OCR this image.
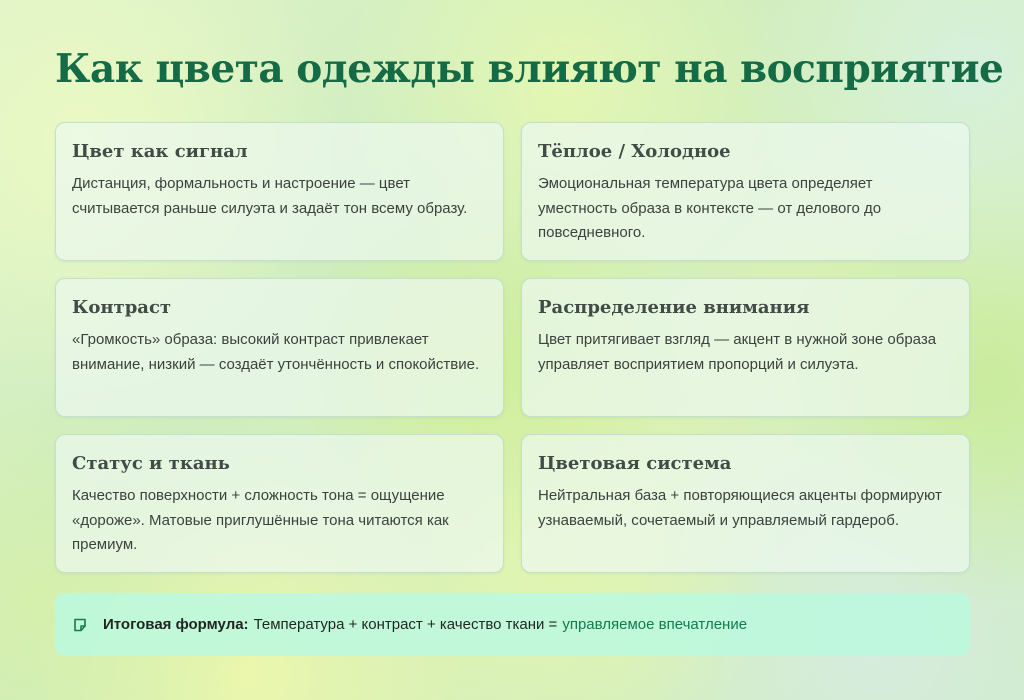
Как цвета одежды влияют на восприятие
Цвет как сигнал
Дистанция, формальность и настроение — цвет считывается раньше силуэта и задаёт тон всему образу.
Тёплое / Холодное
Эмоциональная температура цвета определяет уместность образа в контексте — от делового до повседневного.
Контраст
«Громкость» образа: высокий контраст привлекает внимание, низкий — создаёт утончённость и спокойствие.
Распределение внимания
Цвет притягивает взгляд — акцент в нужной зоне образа управляет восприятием пропорций и силуэта.
Статус и ткань
Качество поверхности + сложность тона = ощущение «дороже». Матовые приглушённые тона читаются как премиум.
Цветовая система
Нейтральная база + повторяющиеся акценты формируют узнаваемый, сочетаемый и управляемый гардероб.
Итоговая формула: Температура + контраст + качество ткани = управляемое впечатление
